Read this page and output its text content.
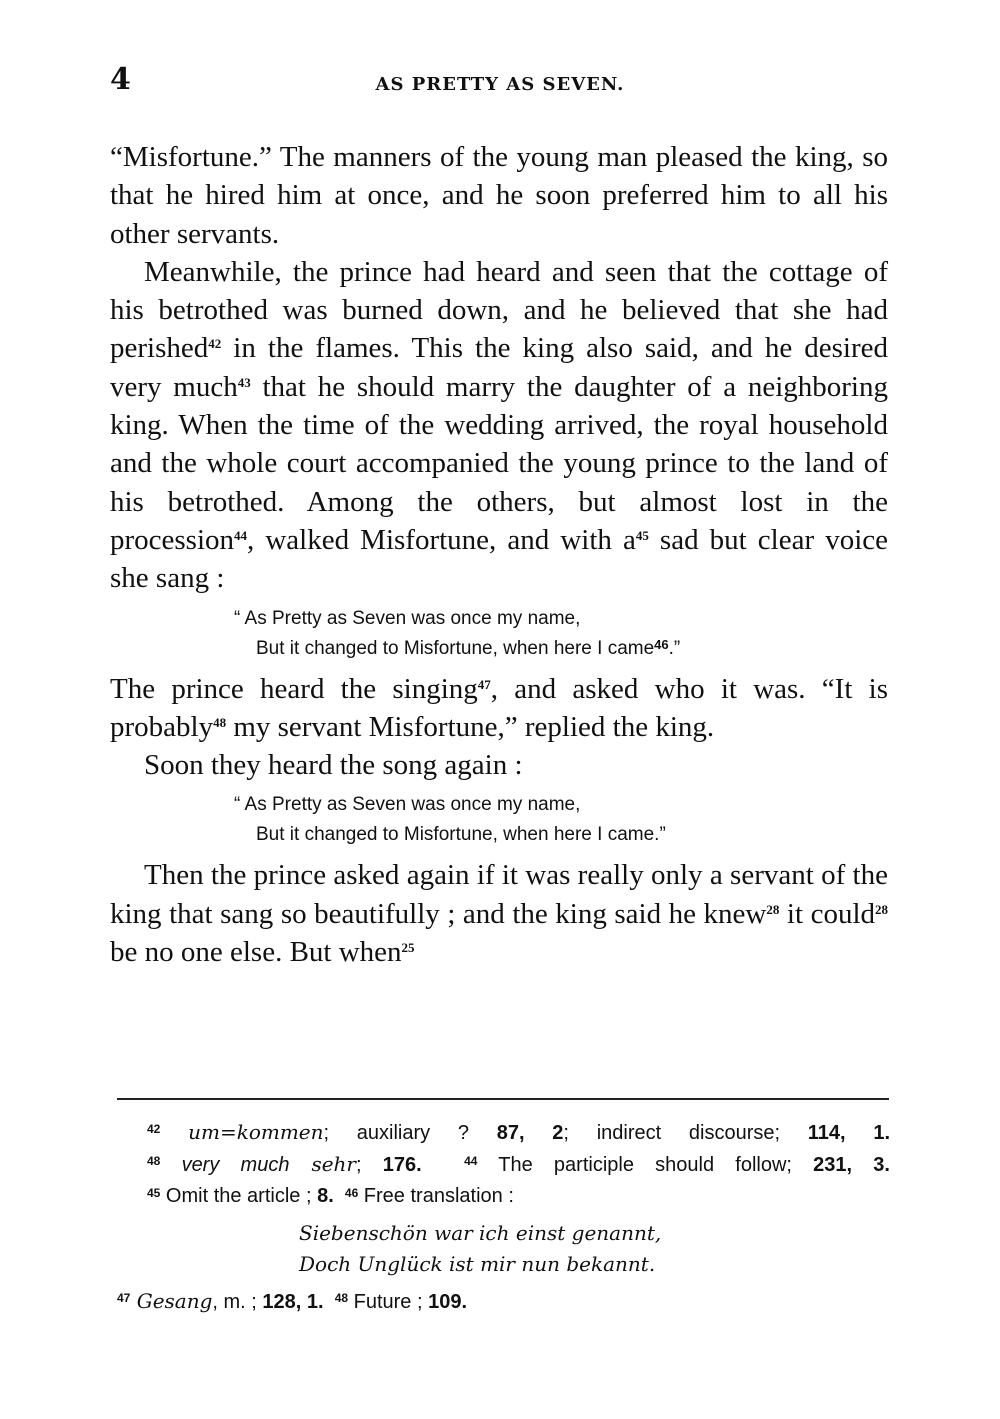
4	AS PRETTY AS SEVEN.

“Misfortune.” The manners of the young man pleased the king, so that he hired him at once, and he soon preferred him to all his other servants.

Meanwhile, the prince had heard and seen that the cottage of his betrothed was burned down, and he believed that she had perished$^{42}$ in the flames. This the king also said, and he desired very much$^{43}$ that he should marry the daughter of a neighboring king. When the time of the wedding arrived, the royal household and the whole court accompanied the young prince to the land of his betrothed. Among the others, but almost lost in the procession$^{44}$, walked Misfortune, and with $a^{45}$ sad but clear voice she sang :

“ As Pretty as Seven was once my name,
But it changed to Misfortune, when here I came$^{46}$.”

The prince heard the singing$^{47}$, and asked who it was. “It is probably$^{48}$ my servant Misfortune,” replied the king.

Soon they heard the song again :

“ As Pretty as Seven was once my name,
But it changed to Misfortune, when here I came.”

Then the prince asked again if it was really only a servant of the king that sang so beautifully ; and the king said he knew$^{28}$ it could$^{28}$ be no one else. But when$^{25}$

$^{42}$ um=kommen; auxiliary ? 87, 2; indirect discourse; 114, 1.

$^{48}$ very much sehr; 176.	$^{44}$ The participle should follow; 231, 3.

$^{45}$ Omit the article ; 8. $^{46}$ Free translation :

Siebenschön war ich einst genannt,
Doch Unglück ist mir nun bekannt.

$^{47}$ Gesang, m. ; 128, 1. $^{48}$ Future ; 109.
